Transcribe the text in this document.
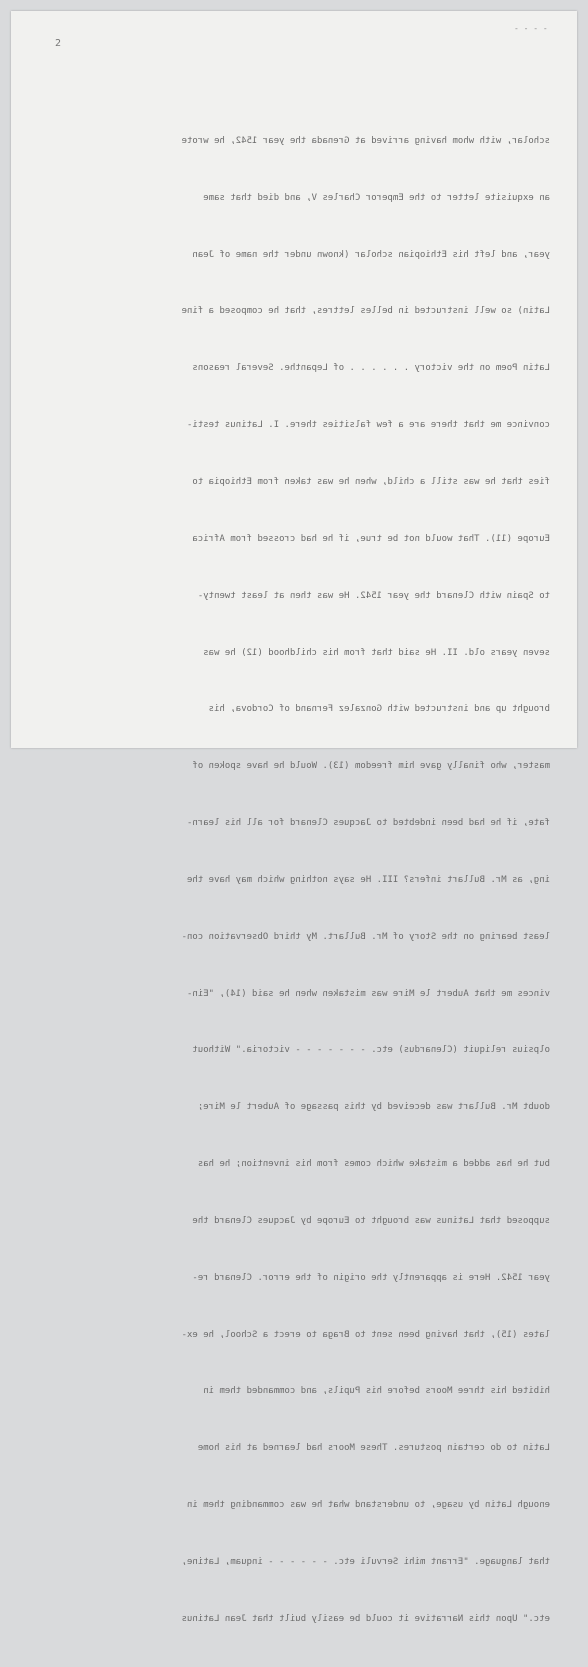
- - - -
2

scholar, with whom having arrived at Grenada the year 1542, he wrote

an exquisite letter to the Emperor Charles V, and died that same

year, and left his Ethiopian scholar (known under the name of Jean

Latin) so well instructed in belles lettres, that he composed a fine

Latin Poem on the victory . . . . . . of Lepanthe. Several reasons

convince me that there are a few falsities there. I. Latinus testi-

fies that he was still a child, when he was taken from Ethiopia to

Europe (11). That would not be true, if he had crossed from Africa

to Spain with Clenard the year 1542. He was then at least twenty-

seven years old. II. He said that from his childhood (12) he was

brought up and instructed with Gonzalez Fernand of Cordova, his

master, who finally gave him freedom (13). Would he have spoken of

fate, if he had been indebted to Jacques Clenard for all his learn-

ing, as Mr. Bullart infers? III. He says nothing which may have the

least bearing on the Story of Mr. Bullart. My third Observation con-

vinces me that Aubert le Mire was mistaken when he said (14), "Ein-

olpsius reliquit (Clenardus) etc. - - - - - - - victoria." Without

doubt Mr. Bullart was deceived by this passage of Aubert le Mire;

but he has added a mistake which comes from his invention; he has

supposed that Latinus was brought to Europe by Jacques Clenard the

year 1542. Here is apparently the origin of the error. Clenard re-

lates (15), that having been sent to Braga to erect a School, he ex-

hibited his three Moors before his Pupils, and commanded them in

Latin to do certain postures. These Moors had learned at his home

enough Latin by usage, to understand what he was commanding them in

that language. "Errant mihi Servuli etc. - - - - - - inquam, Latine,

etc." Upon this Narrative it could be easily built that Jean Latinus
